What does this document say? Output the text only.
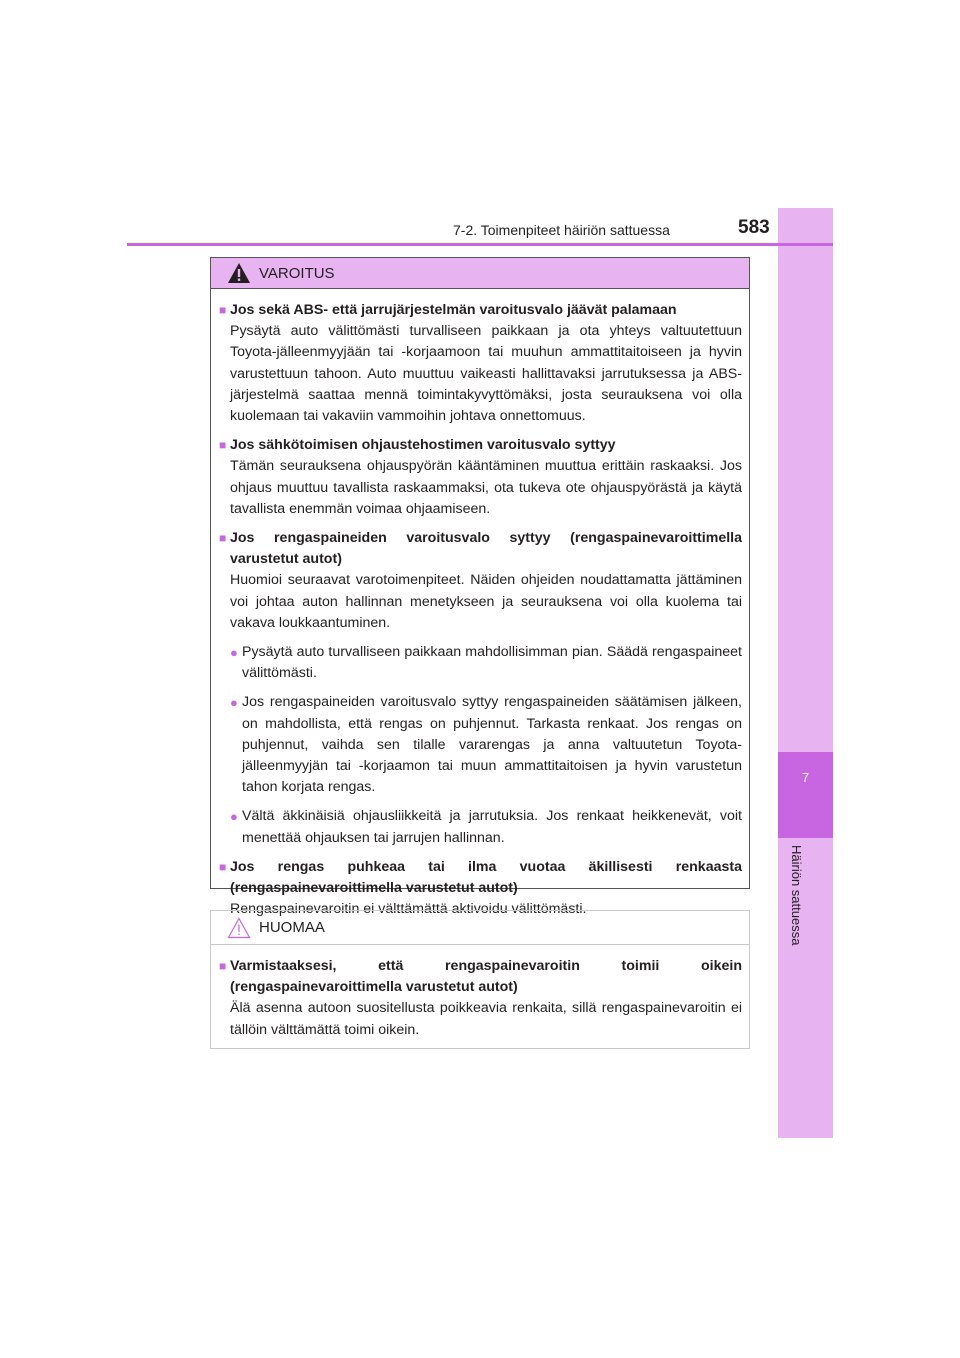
7
Häiriön sattuessa
7-2. Toimenpiteet häiriön sattuessa	583
VAROITUS
■ Jos sekä ABS- että jarrujärjestelmän varoitusvalo jäävät palamaan
Pysäytä auto välittömästi turvalliseen paikkaan ja ota yhteys valtuutettuun Toyota-jälleenmyyjään tai -korjaamoon tai muuhun ammattitaitoiseen ja hyvin varustettuun tahoon. Auto muuttuu vaikeasti hallittavaksi jarrutuksessa ja ABS-järjestelmä saattaa mennä toimintakyvyttömäksi, josta seurauksena voi olla kuolemaan tai vakaviin vammoihin johtava onnettomuus.
■ Jos sähkötoimisen ohjaustehostimen varoitusvalo syttyy
Tämän seurauksena ohjauspyörän kääntäminen muuttua erittäin raskaaksi. Jos ohjaus muuttuu tavallista raskaammaksi, ota tukeva ote ohjauspyörästä ja käytä tavallista enemmän voimaa ohjaamiseen.
■ Jos rengaspaineiden varoitusvalo syttyy (rengaspainevaroittimella varustetut autot)
Huomioi seuraavat varotoimenpiteet. Näiden ohjeiden noudattamatta jättäminen voi johtaa auton hallinnan menetykseen ja seurauksena voi olla kuolema tai vakava loukkaantuminen.
● Pysäytä auto turvalliseen paikkaan mahdollisimman pian. Säädä rengaspaineet välittömästi.
● Jos rengaspaineiden varoitusvalo syttyy rengaspaineiden säätämisen jälkeen, on mahdollista, että rengas on puhjennut. Tarkasta renkaat. Jos rengas on puhjennut, vaihda sen tilalle vararengas ja anna valtuutetun Toyota-jälleenmyyjän tai -korjaamon tai muun ammattitaitoisen ja hyvin varustetun tahon korjata rengas.
● Vältä äkkinäisiä ohjausliikkeitä ja jarrutuksia. Jos renkaat heikkenevät, voit menettää ohjauksen tai jarrujen hallinnan.
■ Jos rengas puhkeaa tai ilma vuotaa äkillisesti renkaasta (rengaspainevaroittimella varustetut autot)
Rengaspainevaroitin ei välttämättä aktivoidu välittömästi.
HUOMAA
■ Varmistaaksesi, että rengaspainevaroitin toimii oikein (rengaspainevaroittimella varustetut autot)
Älä asenna autoon suositellusta poikkeavia renkaita, sillä rengaspainevaroitin ei tällöin välttämättä toimi oikein.
